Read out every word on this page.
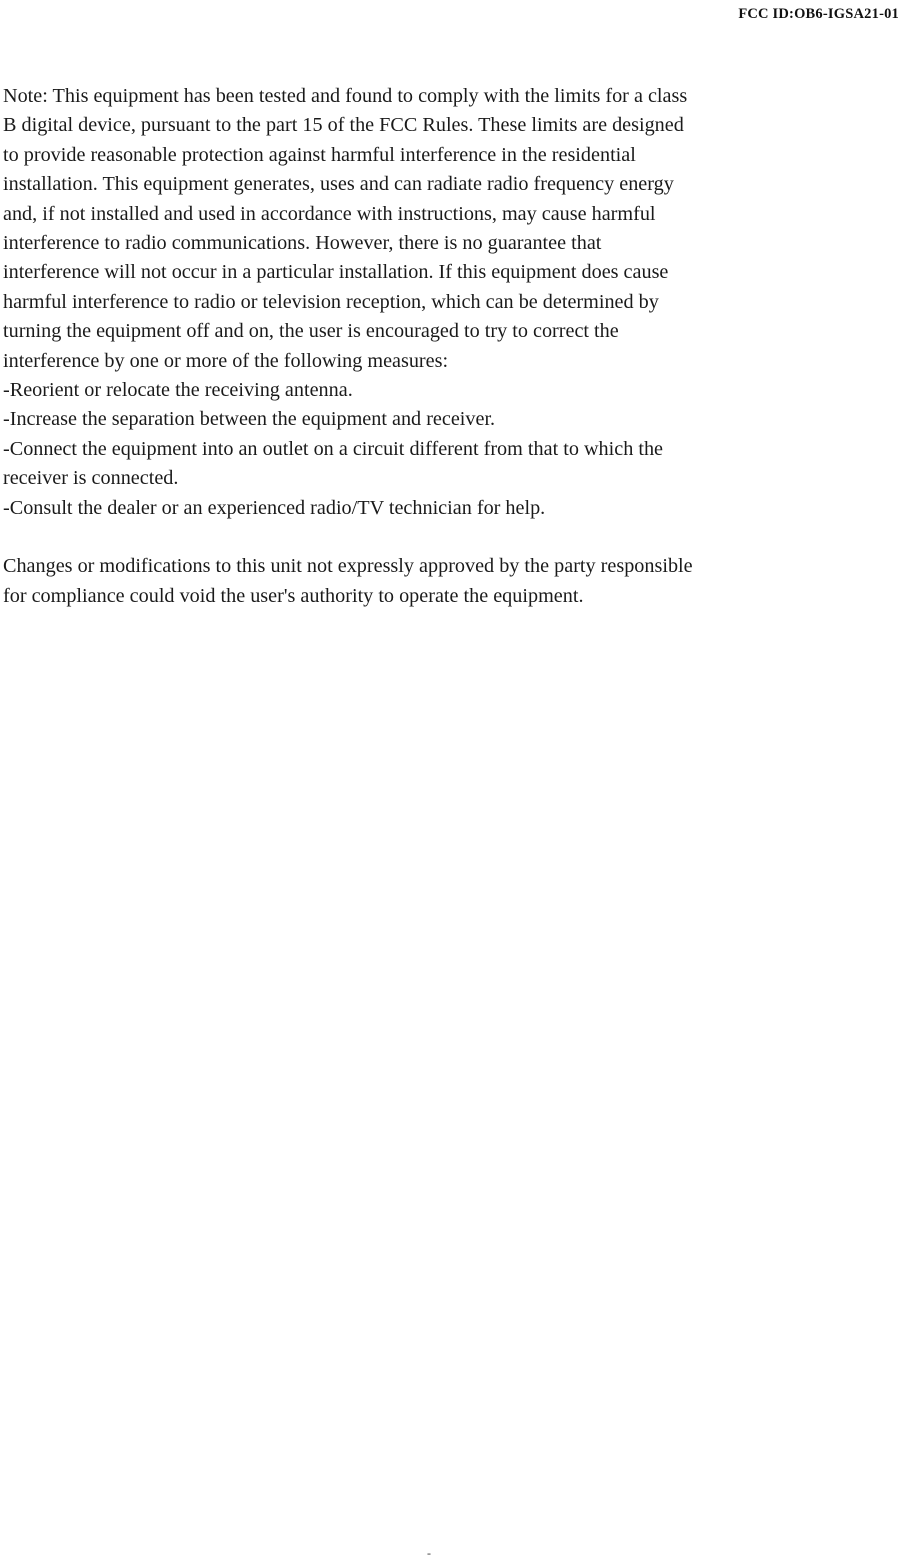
FCC ID:OB6-IGSA21-01
Note: This equipment has been tested and found to comply with the limits for a class
B digital device, pursuant to the part 15 of the FCC Rules. These limits are designed
to provide reasonable protection against harmful interference in the residential
installation. This equipment generates, uses and can radiate radio frequency energy
and, if not installed and used in accordance with instructions, may cause harmful
interference to radio communications. However, there is no guarantee that
interference will not occur in a particular installation. If this equipment does cause
harmful interference to radio or television reception, which can be determined by
turning the equipment off and on, the user is encouraged to try to correct the
interference by one or more of the following measures:
-Reorient or relocate the receiving antenna.
-Increase the separation between the equipment and receiver.
-Connect the equipment into an outlet on a circuit different from that to which the
receiver is connected.
-Consult the dealer or an experienced radio/TV technician for help.
Changes or modifications to this unit not expressly approved by the party responsible
for compliance could void the user's authority to operate the equipment.
-
